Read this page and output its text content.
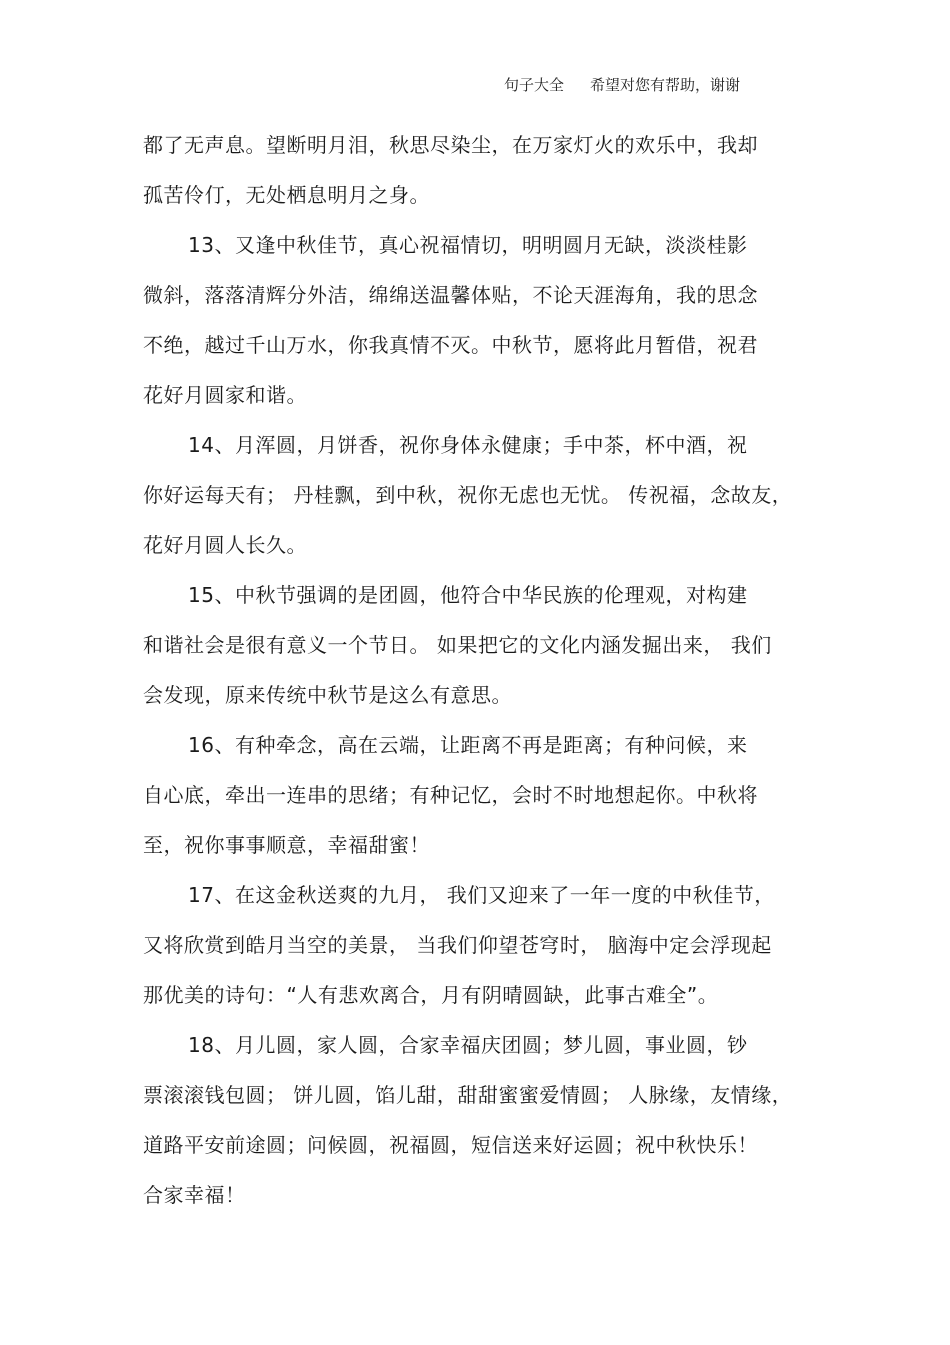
句子大全 希望对您有帮助，谢谢
都了无声息。望断明月泪，秋思尽染尘，在万家灯火的欢乐中，我却
孤苦伶仃，无处栖息明月之身。
13、又逢中秋佳节，真心祝福情切，明明圆月无缺，淡淡桂影
微斜，落落清辉分外洁，绵绵送温馨体贴，不论天涯海角，我的思念
不绝，越过千山万水，你我真情不灭。中秋节，愿将此月暂借，祝君
花好月圆家和谐。
14、月浑圆，月饼香，祝你身体永健康；手中茶，杯中酒，祝
你好运每天有； 丹桂飘，到中秋，祝你无虑也无忧。 传祝福，念故友，
花好月圆人长久。
15、中秋节强调的是团圆，他符合中华民族的伦理观，对构建
和谐社会是很有意义一个节日。 如果把它的文化内涵发掘出来， 我们
会发现，原来传统中秋节是这么有意思。
16、有种牵念，高在云端，让距离不再是距离；有种问候，来
自心底，牵出一连串的思绪；有种记忆，会时不时地想起你。中秋将
至，祝你事事顺意，幸福甜蜜！
17、在这金秋送爽的九月， 我们又迎来了一年一度的中秋佳节，
又将欣赏到皓月当空的美景， 当我们仰望苍穹时， 脑海中定会浮现起
那优美的诗句：“人有悲欢离合，月有阴晴圆缺，此事古难全”。
18、月儿圆，家人圆，合家幸福庆团圆；梦儿圆，事业圆，钞
票滚滚钱包圆； 饼儿圆，馅儿甜，甜甜蜜蜜爱情圆； 人脉缘，友情缘，
道路平安前途圆；问候圆，祝福圆，短信送来好运圆；祝中秋快乐！
合家幸福！
